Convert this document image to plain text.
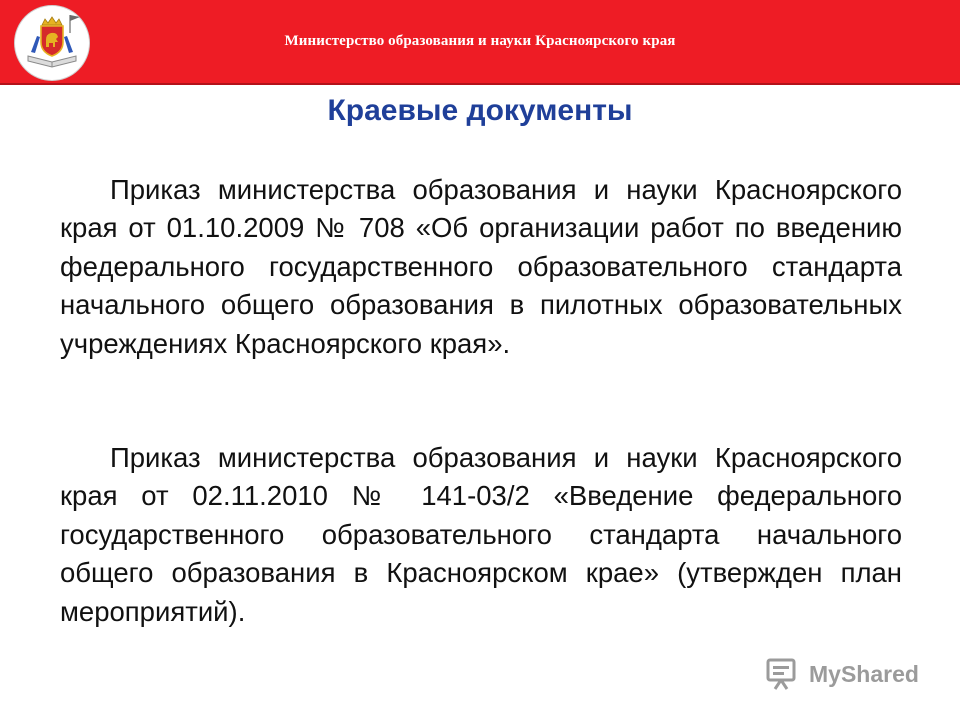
Министерство образования и науки Красноярского края
Краевые документы

Приказ министерства образования и науки Красноярского края от 01.10.2009 № 708 «Об организации работ по введению федерального государственного образовательного стандарта начального общего образования в пилотных образовательных учреждениях Красноярского края».

Приказ министерства образования и науки Красноярского края от 02.11.2010 № 141-03/2 «Введение федерального государственного образовательного стандарта начального общего образования в Красноярском крае» (утвержден план мероприятий).

MyShared
